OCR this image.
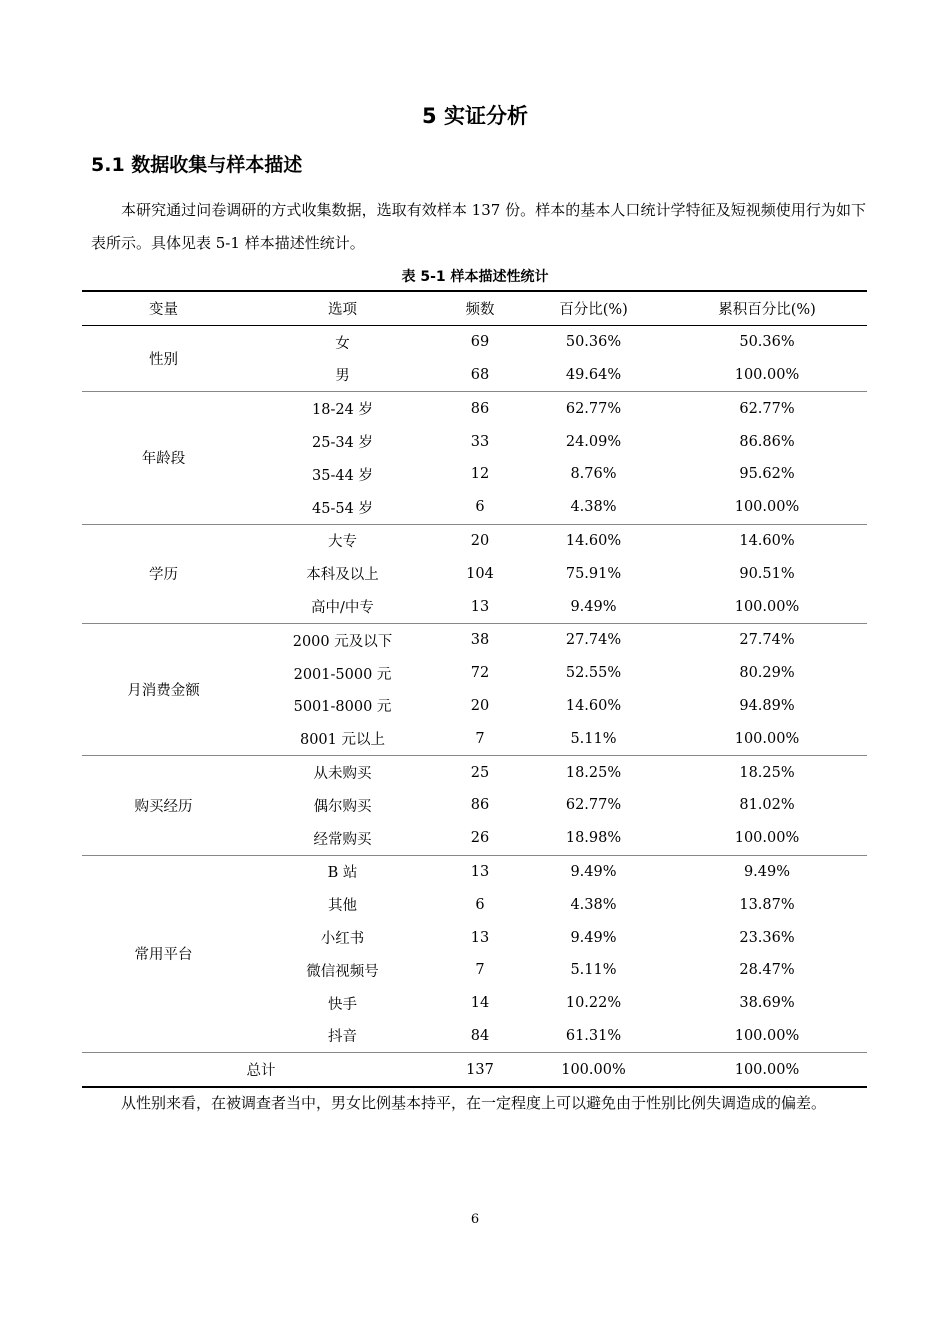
5 实证分析
5.1 数据收集与样本描述

本研究通过问卷调研的方式收集数据，选取有效样本 137 份。样本的基本人口统计学特征及短视频使用行为如下表所示。具体见表 5-1 样本描述性统计。

表 5-1 样本描述性统计
变量	选项	频数	百分比(%)	累积百分比(%)
性别	女	69	50.36%	50.36%
	男	68	49.64%	100.00%
年龄段	18-24 岁	86	62.77%	62.77%
	25-34 岁	33	24.09%	86.86%
	35-44 岁	12	8.76%	95.62%
	45-54 岁	6	4.38%	100.00%
学历	大专	20	14.60%	14.60%
	本科及以上	104	75.91%	90.51%
	高中/中专	13	9.49%	100.00%
月消费金额	2000 元及以下	38	27.74%	27.74%
	2001-5000 元	72	52.55%	80.29%
	5001-8000 元	20	14.60%	94.89%
	8001 元以上	7	5.11%	100.00%
购买经历	从未购买	25	18.25%	18.25%
	偶尔购买	86	62.77%	81.02%
	经常购买	26	18.98%	100.00%
常用平台	B 站	13	9.49%	9.49%
	其他	6	4.38%	13.87%
	小红书	13	9.49%	23.36%
	微信视频号	7	5.11%	28.47%
	快手	14	10.22%	38.69%
	抖音	84	61.31%	100.00%
总计		137	100.00%	100.00%

从性别来看，在被调查者当中，男女比例基本持平，在一定程度上可以避免由于性别比例失调造成的偏差。

6
